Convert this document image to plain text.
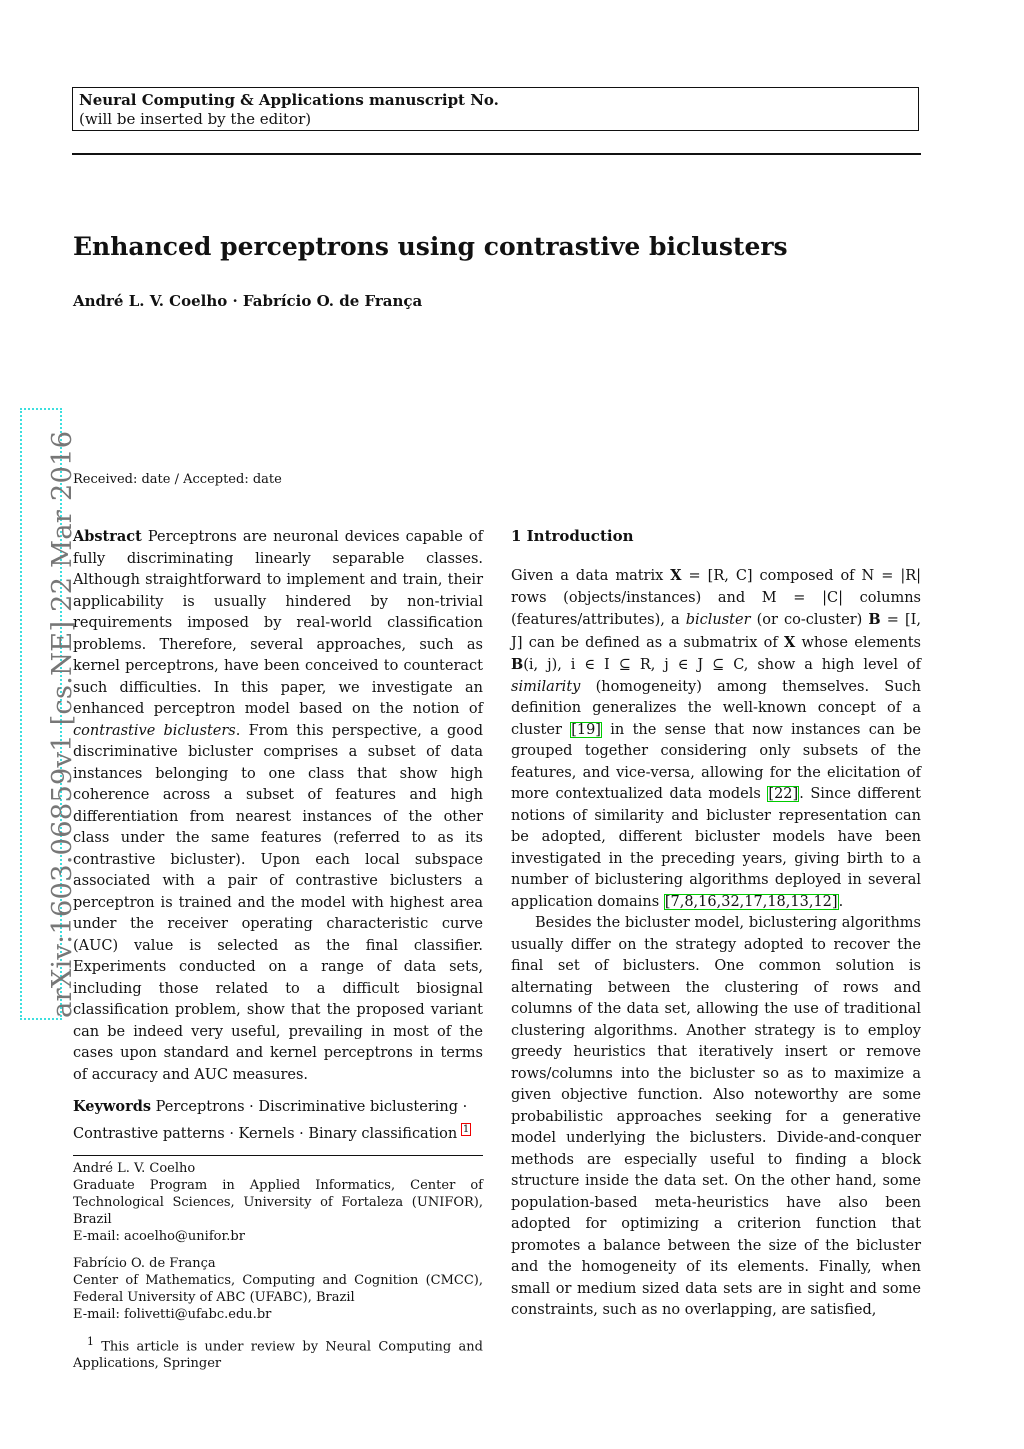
Neural Computing & Applications manuscript No.
(will be inserted by the editor)
Enhanced perceptrons using contrastive biclusters
André L. V. Coelho · Fabrício O. de França
arXiv:1603.06859v1 [cs.NE] 22 Mar 2016
Received: date / Accepted: date

Abstract Perceptrons are neuronal devices capable of fully discriminating linearly separable classes. Although straightforward to implement and train, their applicability is usually hindered by non-trivial requirements imposed by real-world classification problems. Therefore, several approaches, such as kernel perceptrons, have been conceived to counteract such difficulties. In this paper, we investigate an enhanced perceptron model based on the notion of contrastive biclusters. From this perspective, a good discriminative bicluster comprises a subset of data instances belonging to one class that show high coherence across a subset of features and high differentiation from nearest instances of the other class under the same features (referred to as its contrastive bicluster). Upon each local subspace associated with a pair of contrastive biclusters a perceptron is trained and the model with highest area under the receiver operating characteristic curve (AUC) value is selected as the final classifier. Experiments conducted on a range of data sets, including those related to a difficult biosignal classification problem, show that the proposed variant can be indeed very useful, prevailing in most of the cases upon standard and kernel perceptrons in terms of accuracy and AUC measures.

Keywords Perceptrons · Discriminative biclustering · Contrastive patterns · Kernels · Binary classification $^1$

André L. V. Coelho
Graduate Program in Applied Informatics, Center of Technological Sciences, University of Fortaleza (UNIFOR), Brazil
E-mail: acoelho@unifor.br
Fabrício O. de França
Center of Mathematics, Computing and Cognition (CMCC), Federal University of ABC (UFABC), Brazil
E-mail: folivetti@ufabc.edu.br
$^1$ This article is under review by Neural Computing and Applications, Springer
1 Introduction

Given a data matrix X = [R, C] composed of N = |R| rows (objects/instances) and M = |C| columns (features/attributes), a bicluster (or co-cluster) B = [I, J] can be defined as a submatrix of X whose elements B(i, j), i ∈ I ⊆ R, j ∈ J ⊆ C, show a high level of similarity (homogeneity) among themselves. Such definition generalizes the well-known concept of a cluster [19] in the sense that now instances can be grouped together considering only subsets of the features, and vice-versa, allowing for the elicitation of more contextualized data models [22]. Since different notions of similarity and bicluster representation can be adopted, different bicluster models have been investigated in the preceding years, giving birth to a number of biclustering algorithms deployed in several application domains [7,8,16,32,17,18,13,12].

Besides the bicluster model, biclustering algorithms usually differ on the strategy adopted to recover the final set of biclusters. One common solution is alternating between the clustering of rows and columns of the data set, allowing the use of traditional clustering algorithms. Another strategy is to employ greedy heuristics that iteratively insert or remove rows/columns into the bicluster so as to maximize a given objective function. Also noteworthy are some probabilistic approaches seeking for a generative model underlying the biclusters. Divide-and-conquer methods are especially useful to finding a block structure inside the data set. On the other hand, some population-based meta-heuristics have also been adopted for optimizing a criterion function that promotes a balance between the size of the bicluster and the homogeneity of its elements. Finally, when small or medium sized data sets are in sight and some constraints, such as no overlapping, are satisfied,
